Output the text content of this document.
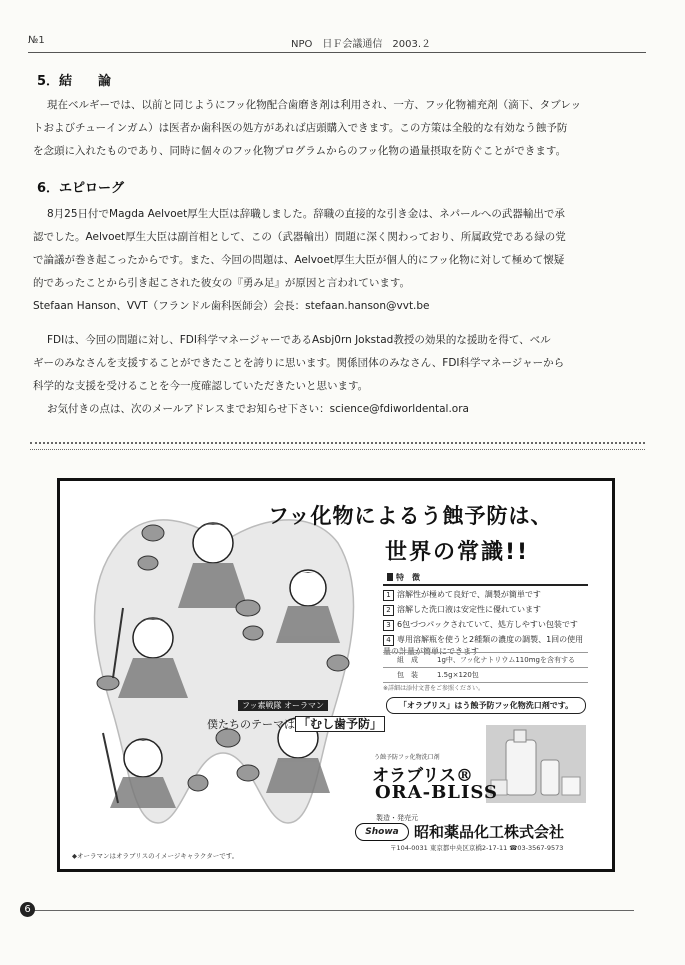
№1	NPO　日Ｆ会議通信　2003.２
5．結　　論

現在ベルギーでは、以前と同じようにフッ化物配合歯磨き剤は利用され、一方、フッ化物補充剤（滴下、タブレッ

トおよびチューインガム）は医者か歯科医の処方があれば店頭購入できます。この方策は全般的な有効なう蝕予防

を念頭に入れたものであり、同時に個々のフッ化物プログラムからのフッ化物の過量摂取を防ぐことができます。

6．エピローグ

8月25日付でMagda Aelvoet厚生大臣は辞職しました。辞職の直接的な引き金は、ネパールへの武器輸出で承

認でした。Aelvoet厚生大臣は副首相として、この（武器輸出）問題に深く関わっており、所属政党である緑の党

で論議が巻き起こったからです。また、今回の問題は、Aelvoet厚生大臣が個人的にフッ化物に対して極めて懐疑

的であったことから引き起こされた彼女の『勇み足』が原因と言われています。

Stefaan Hanson、VVT（フランドル歯科医師会）会長：stefaan.hanson@vvt.be

FDIは、今回の問題に対し、FDI科学マネージャーであるAsbj0rn Jokstad教授の効果的な援助を得て、ベル

ギーのみなさんを支援することができたことを誇りに思います。関係団体のみなさん、FDI科学マネージャーから

科学的な支援を受けることを今一度確認していただきたいと思います。

お気付きの点は、次のメールアドレスまでお知らせ下さい：science@fdiworldental.ora

フッ素戦隊 オーラマン
僕たちのテーマは 「むし歯予防」
フッ化物によるう蝕予防は、
世界の常識!!
特　徴
1 溶解性が極めて良好で、調製が簡単です
2 溶解した洗口液は安定性に優れています
3 6包づつパックされていて、処方しやすい包装です
4 専用溶解瓶を使うと2種類の濃度の調製、1回の使用量の計量が簡単にできます
組　成	1g中、フッ化ナトリウム110mgを含有する
包　装	1.5g×120包
※詳細は添付文書をご参照ください。
「オラブリス」はう蝕予防フッ化物洗口剤です。
う蝕予防フッ化物洗口剤
オラブリス®
ORA-BLISS
製造・発売元
Showa	昭和薬品化工株式会社
〒104-0031 東京都中央区京橋2-17-11 ☎03-3567-9573
◆オーラマンはオラブリスのイメージキャラクターです。
6
